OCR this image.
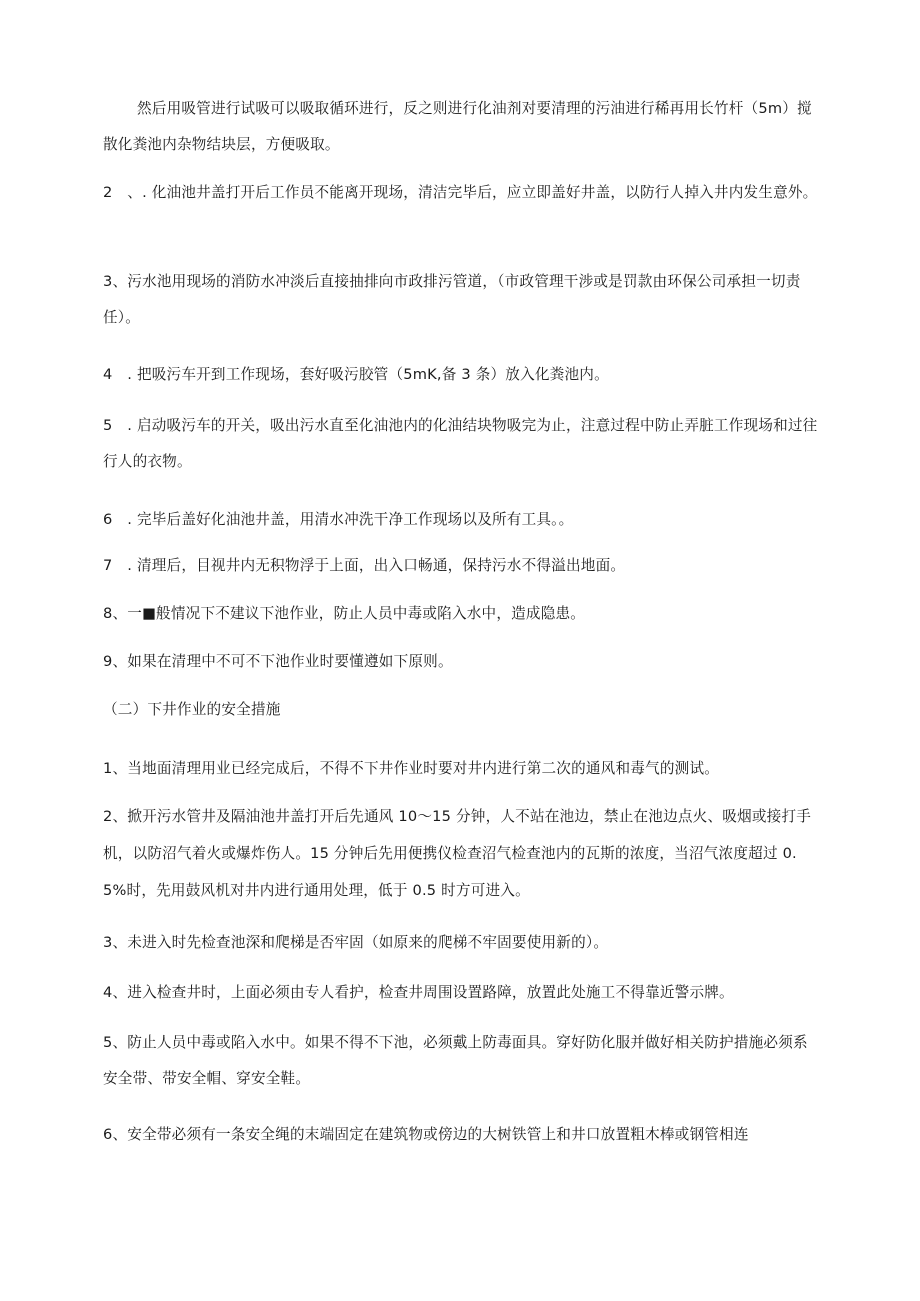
然后用吸管进行试吸可以吸取循环进行，反之则进行化油剂对要清理的污油进行稀再用长竹杆（5m）搅散化粪池内杂物结块层，方便吸取。

2　、. 化油池井盖打开后工作员不能离开现场，清洁完毕后，应立即盖好井盖，以防行人掉入井内发生意外。

3、污水池用现场的消防水冲淡后直接抽排向市政排污管道，（市政管理干涉或是罚款由环保公司承担一切责任）。

4　. 把吸污车开到工作现场，套好吸污胶管（5mK,备 3 条）放入化粪池内。

5　. 启动吸污车的开关，吸出污水直至化油池内的化油结块物吸完为止，注意过程中防止弄脏工作现场和过往行人的衣物。

6　. 完毕后盖好化油池井盖，用清水冲洗干净工作现场以及所有工具。。

7　. 清理后，目视井内无积物浮于上面，出入口畅通，保持污水不得溢出地面。

8、一■般情况下不建议下池作业，防止人员中毒或陷入水中，造成隐患。

9、如果在清理中不可不下池作业时要懂遵如下原则。

（二）下井作业的安全措施

1、当地面清理用业已经完成后，不得不下井作业时要对井内进行第二次的通风和毒气的测试。

2、掀开污水管井及隔油池井盖打开后先通风 10～15 分钟，人不站在池边，禁止在池边点火、吸烟或接打手机，以防沼气着火或爆炸伤人。15 分钟后先用便携仪检查沼气检查池内的瓦斯的浓度，当沼气浓度超过 0.5%时，先用鼓风机对井内进行通用处理，低于 0.5 时方可进入。

3、未进入时先检查池深和爬梯是否牢固（如原来的爬梯不牢固要使用新的）。

4、进入检查井时，上面必须由专人看护，检查井周围设置路障，放置此处施工不得靠近警示牌。

5、防止人员中毒或陷入水中。如果不得不下池，必须戴上防毒面具。穿好防化服并做好相关防护措施必须系安全带、带安全帽、穿安全鞋。

6、安全带必须有一条安全绳的末端固定在建筑物或傍边的大树铁管上和井口放置粗木棒或钢管相连
